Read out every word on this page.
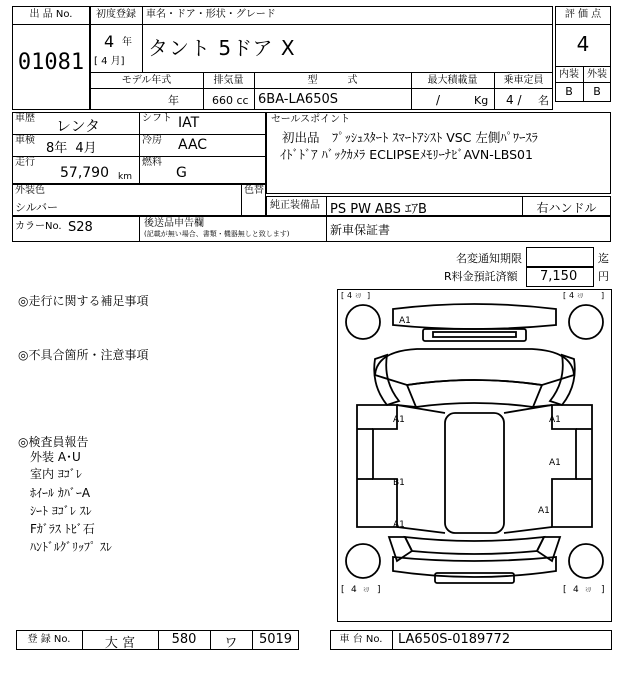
出 品 No.
01081
初度登録
4 年
[ 4 月]
車名・ドア・形状・グレード
タント 5ドア X
モデル年式
年
排気量
660 cc
型　　　式
6BA-LA650S
最大積載量
/	Kg
乗車定員
4 / 名
評 価 点
4
内装 外装
B	B
車歴 レンタ
車検
8年 4月
走行
57,790 km
シフト IAT
冷房 AAC
燃料
G
セールスポイント
初出品　ﾌﾟｯｼｭｽﾀｰﾄ ｽﾏｰﾄｱｼｽﾄ VSC 左側ﾊﾟﾜｰｽﾗ
ｲﾄﾞﾄﾞｱ ﾊﾞｯｸｶﾒﾗ ECLIPSEﾒﾓﾘｰﾅﾋﾞAVN-LBS01
外装色
シルバー
色替
純正装備品 PS PW ABS ｴｱB	右ハンドル
カラーNo. S28	後送品申告欄
(記載が無い場合、書類・機器無しと致します)	新車保証書
名変通知期限	迄
R料金預託済額 7,150 円
◎走行に関する補足事項
◎不具合箇所・注意事項
◎検査員報告
外装 A･U
室内 ﾖｺﾞﾚ
ﾎｲｰﾙ ｶﾊﾞｰA
ｼｰﾄ ﾖｺﾞﾚ ｽﾚ
Fｶﾞﾗｽ ﾄﾋﾞ石
ﾊﾝﾄﾞﾙｸﾞﾘｯﾌﾟ ｽﾚ
[ 4 ﾐﾘ ]	[ 4 ﾐﾘ ]
[ 4 ﾐﾘ ]	[ 4 ﾐﾘ ]
A1
A1	A1
A1
B1
A1
A1
登 録 No.	大 宮	580	ワ	5019	車 台 No.	LA650S-0189772
